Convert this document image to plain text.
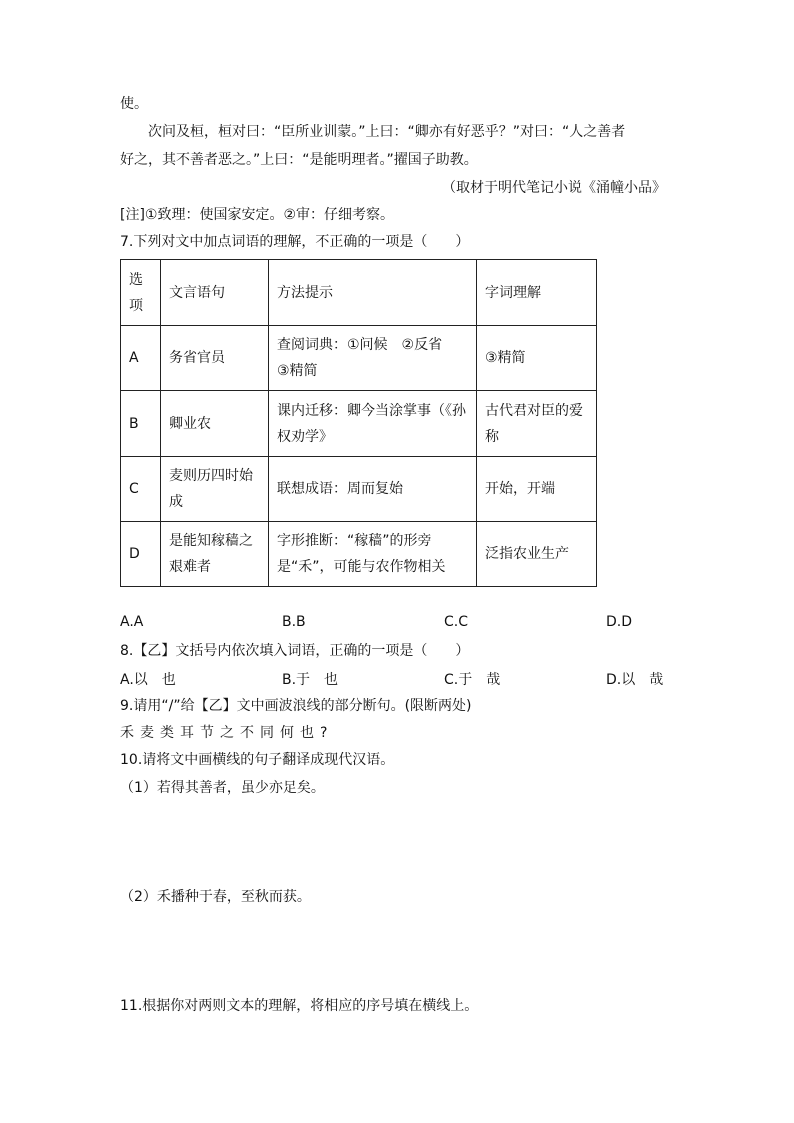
使。
次问及桓，桓对曰：“臣所业训蒙。”上曰：“卿亦有好恶乎？”对曰：“人之善者
好之，其不善者恶之。”上曰：“是能明理者。”擢国子助教。
（取材于明代笔记小说《涌幢小品》
[注]①致理：使国家安定。②审：仔细考察。
7.下列对文中加点词语的理解，不正确的一项是（　　）
选项	文言语句	方法提示	字词理解
A	务省官员	查阅词典：①问候　②反省　③精简	③精简
B	卿业农	课内迁移：卿今当涂掌事（《孙权劝学》	古代君对臣的爱称
C	麦则历四时始成	联想成语：周而复始	开始，开端
D	是能知稼穑之艰难者	字形推断：“稼穑”的形旁是“禾”，可能与农作物相关	泛指农业生产
A.A	B.B	C.C	D.D
8.【乙】文括号内依次填入词语，正确的一项是（　　）
A.以　也	B.于　也	C.于　哉	D.以　哉
9.请用“/”给【乙】文中画波浪线的部分断句。(限断两处)
禾麦类耳节之不同何也?
10.请将文中画横线的句子翻译成现代汉语。
（1）若得其善者，虽少亦足矣。
（2）禾播种于春，至秋而获。
11.根据你对两则文本的理解，将相应的序号填在横线上。
